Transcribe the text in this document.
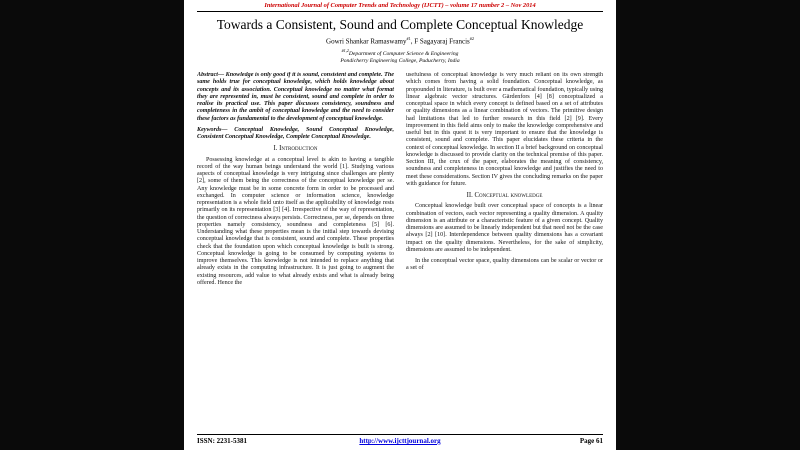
International Journal of Computer Trends and Technology (IJCTT) – volume 17 number 2 – Nov 2014
Towards a Consistent, Sound and Complete Conceptual Knowledge
Gowri Shankar Ramaswamy$^{\#1}$, F Sagayaraj Francis$^{\#2}$
$^{\#1,2}$Department of Computer Science & Engineering
Pondicherry Engineering College, Puducherry, India
Abstract— Knowledge is only good if it is sound, consistent and complete. The same holds true for conceptual knowledge, which holds knowledge about concepts and its association. Conceptual knowledge no matter what format they are represented in, must be consistent, sound and complete in order to realise its practical use. This paper discusses consistency, soundness and completeness in the ambit of conceptual knowledge and the need to consider these factors as fundamental to the development of conceptual knowledge.
Keywords— Conceptual Knowledge, Sound Conceptual Knowledge, Consistent Conceptual Knowledge, Complete Conceptual Knowledge.
I. Introduction
Possessing knowledge at a conceptual level is akin to having a tangible record of the way human beings understand the world [1]. Studying various aspects of conceptual knowledge is very intriguing since challenges are plenty [2], some of them being the correctness of the conceptual knowledge per se. Any knowledge must be in some concrete form in order to be processed and exchanged. In computer science or information science, knowledge representation is a whole field unto itself as the applicability of knowledge rests primarily on its representation [3] [4]. Irrespective of the way of representation, the question of correctness always persists. Correctness, per se, depends on three properties namely consistency, soundness and completeness [5] [6]. Understanding what these properties mean is the initial step towards devising conceptual knowledge that is consistent, sound and complete. These properties check that the foundation upon which conceptual knowledge is built is strong. Conceptual knowledge is going to be consumed by computing systems to improve themselves. This knowledge is not intended to replace anything that already exists in the computing infrastructure. It is just going to augment the existing resources, add value to what already exists and what is already being offered. Hence the
usefulness of conceptual knowledge is very much reliant on its own strength which comes from having a solid foundation. Conceptual knowledge, as propounded in literature, is built over a mathematical foundation, typically using linear algebraic vector structures. Gärdenfors [4] [8] conceptualized a conceptual space in which every concept is defined based on a set of attributes or quality dimensions as a linear combination of vectors. The primitive design had limitations that led to further research in this field [2] [9]. Every improvement in this field aims only to make the knowledge comprehensive and useful but in this quest it is very important to ensure that the knowledge is consistent, sound and complete. This paper elucidates these criteria in the context of conceptual knowledge. In section II a brief background on conceptual knowledge is discussed to provide clarity on the technical premise of this paper. Section III, the crux of the paper, elaborates the meaning of consistency, soundness and completeness in conceptual knowledge and justifies the need to meet these considerations. Section IV gives the concluding remarks on the paper with guidance for future.
II. Conceptual knowledge
Conceptual knowledge built over conceptual space of concepts is a linear combination of vectors, each vector representing a quality dimension. A quality dimension is an attribute or a characteristic feature of a given concept. Quality dimensions are assumed to be linearly independent but that need not be the case always [2] [10]. Interdependence between quality dimensions has a covariant impact on the quality dimensions. Nevertheless, for the sake of simplicity, dimensions are assumed to be independent.
In the conceptual vector space, quality dimensions can be scalar or vector or a set of
ISSN: 2231-5381	http://www.ijcttjournal.org	Page 61
